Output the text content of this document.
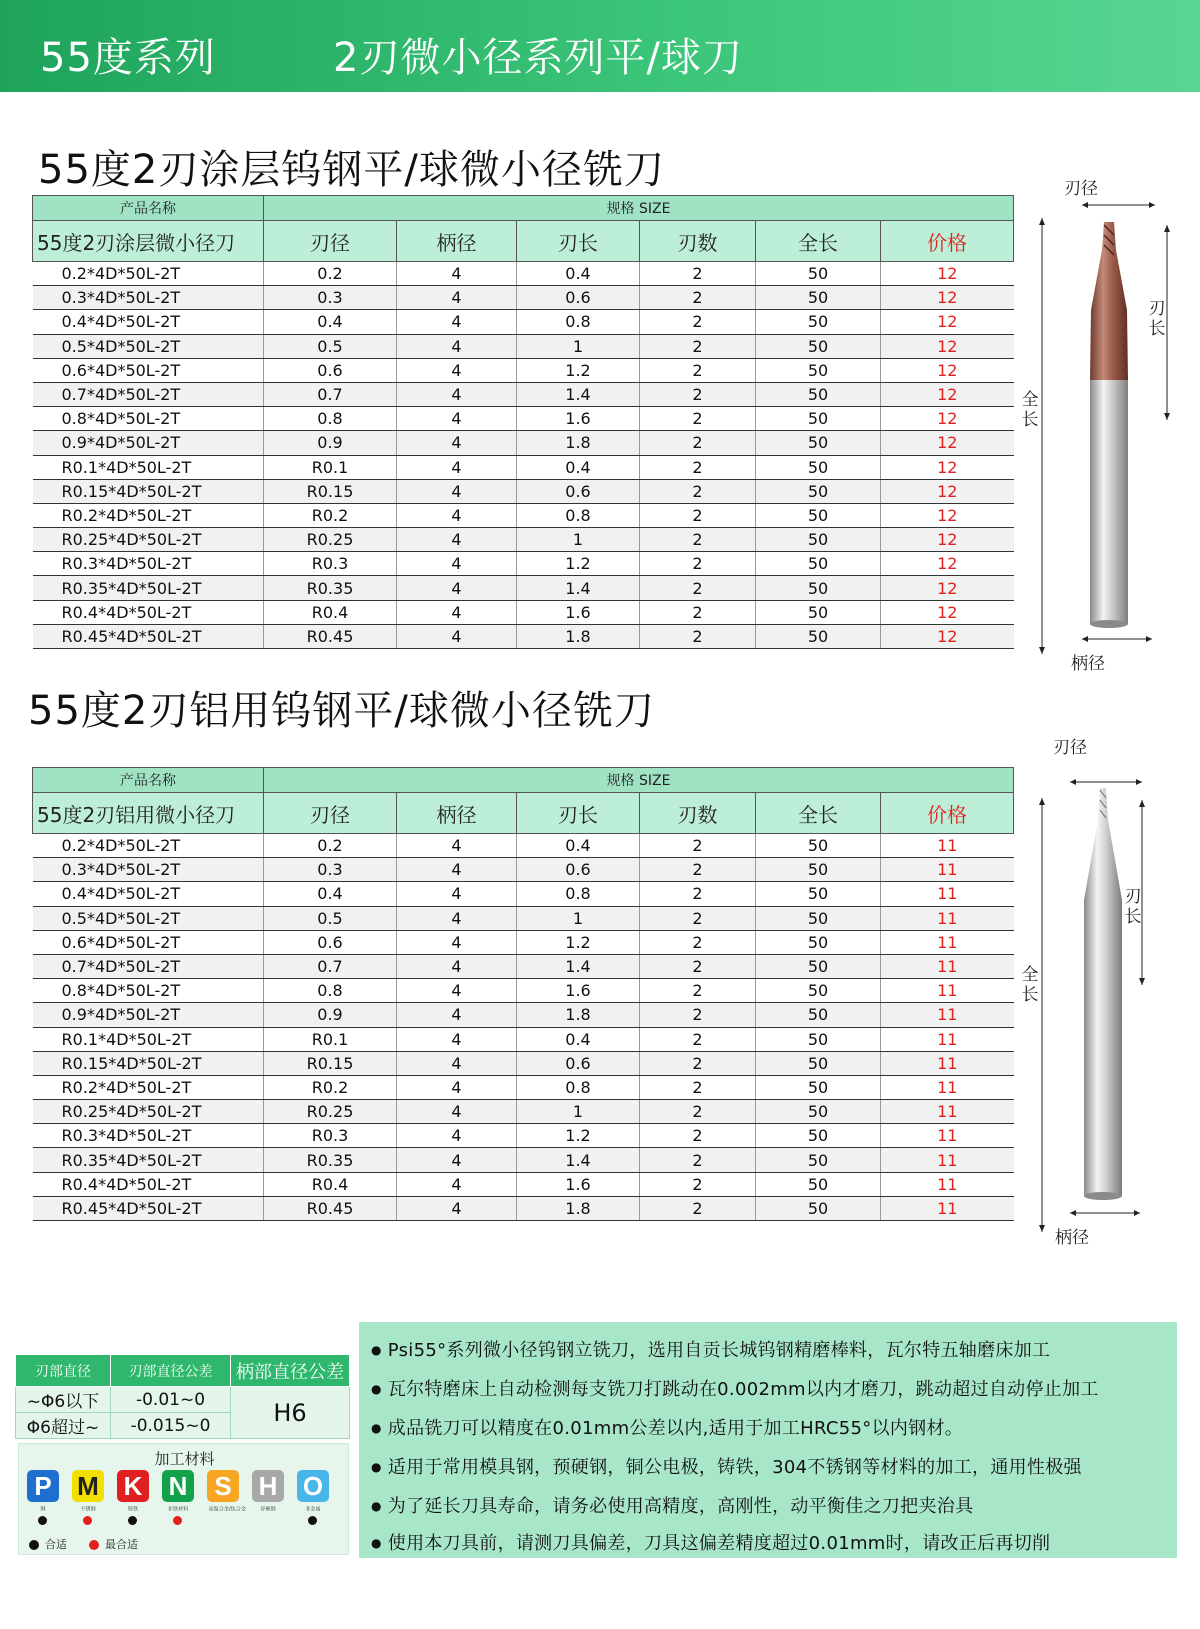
55度系列	2刃微小径系列平/球刀
55度2刃涂层钨钢平/球微小径铣刀
产品名称	规格 SIZE					
55度2刃涂层微小径刀	刃径	柄径	刃长	刃数	全长	价格
0.2*4D*50L-2T	0.2	4	0.4	2	50	12
0.3*4D*50L-2T	0.3	4	0.6	2	50	12
0.4*4D*50L-2T	0.4	4	0.8	2	50	12
0.5*4D*50L-2T	0.5	4	1	2	50	12
0.6*4D*50L-2T	0.6	4	1.2	2	50	12
0.7*4D*50L-2T	0.7	4	1.4	2	50	12
0.8*4D*50L-2T	0.8	4	1.6	2	50	12
0.9*4D*50L-2T	0.9	4	1.8	2	50	12
R0.1*4D*50L-2T	R0.1	4	0.4	2	50	12
R0.15*4D*50L-2T	R0.15	4	0.6	2	50	12
R0.2*4D*50L-2T	R0.2	4	0.8	2	50	12
R0.25*4D*50L-2T	R0.25	4	1	2	50	12
R0.3*4D*50L-2T	R0.3	4	1.2	2	50	12
R0.35*4D*50L-2T	R0.35	4	1.4	2	50	12
R0.4*4D*50L-2T	R0.4	4	1.6	2	50	12
R0.45*4D*50L-2T	R0.45	4	1.8	2	50	12
刃径
刃长
全长
柄径
55度2刃铝用钨钢平/球微小径铣刀
产品名称	规格 SIZE					
55度2刃铝用微小径刀	刃径	柄径	刃长	刃数	全长	价格
0.2*4D*50L-2T	0.2	4	0.4	2	50	11
0.3*4D*50L-2T	0.3	4	0.6	2	50	11
0.4*4D*50L-2T	0.4	4	0.8	2	50	11
0.5*4D*50L-2T	0.5	4	1	2	50	11
0.6*4D*50L-2T	0.6	4	1.2	2	50	11
0.7*4D*50L-2T	0.7	4	1.4	2	50	11
0.8*4D*50L-2T	0.8	4	1.6	2	50	11
0.9*4D*50L-2T	0.9	4	1.8	2	50	11
R0.1*4D*50L-2T	R0.1	4	0.4	2	50	11
R0.15*4D*50L-2T	R0.15	4	0.6	2	50	11
R0.2*4D*50L-2T	R0.2	4	0.8	2	50	11
R0.25*4D*50L-2T	R0.25	4	1	2	50	11
R0.3*4D*50L-2T	R0.3	4	1.2	2	50	11
R0.35*4D*50L-2T	R0.35	4	1.4	2	50	11
R0.4*4D*50L-2T	R0.4	4	1.6	2	50	11
R0.45*4D*50L-2T	R0.45	4	1.8	2	50	11
刃径
刃长
全长
柄径
刃部直径	刃部直径公差	柄部直径公差
~Φ6以下	-0.01~0	H6
Φ6超过~	-0.015~0	
加工材料
P
钢
M
不锈钢
K
铸铁
N
非铁材料
S
高温合金/钛合金
H
淬硬钢
O
非金属
合适	最合适
● Psi55°系列微小径钨钢立铣刀，选用自贡长城钨钢精磨棒料，瓦尔特五轴磨床加工
● 瓦尔特磨床上自动检测每支铣刀打跳动在0.002mm以内才磨刀，跳动超过自动停止加工
● 成品铣刀可以精度在0.01mm公差以内,适用于加工HRC55°以内钢材。
● 适用于常用模具钢，预硬钢，铜公电极，铸铁，304不锈钢等材料的加工，通用性极强
● 为了延长刀具寿命，请务必使用高精度，高刚性，动平衡佳之刀把夹治具
● 使用本刀具前，请测刀具偏差，刀具这偏差精度超过0.01mm时，请改正后再切削
